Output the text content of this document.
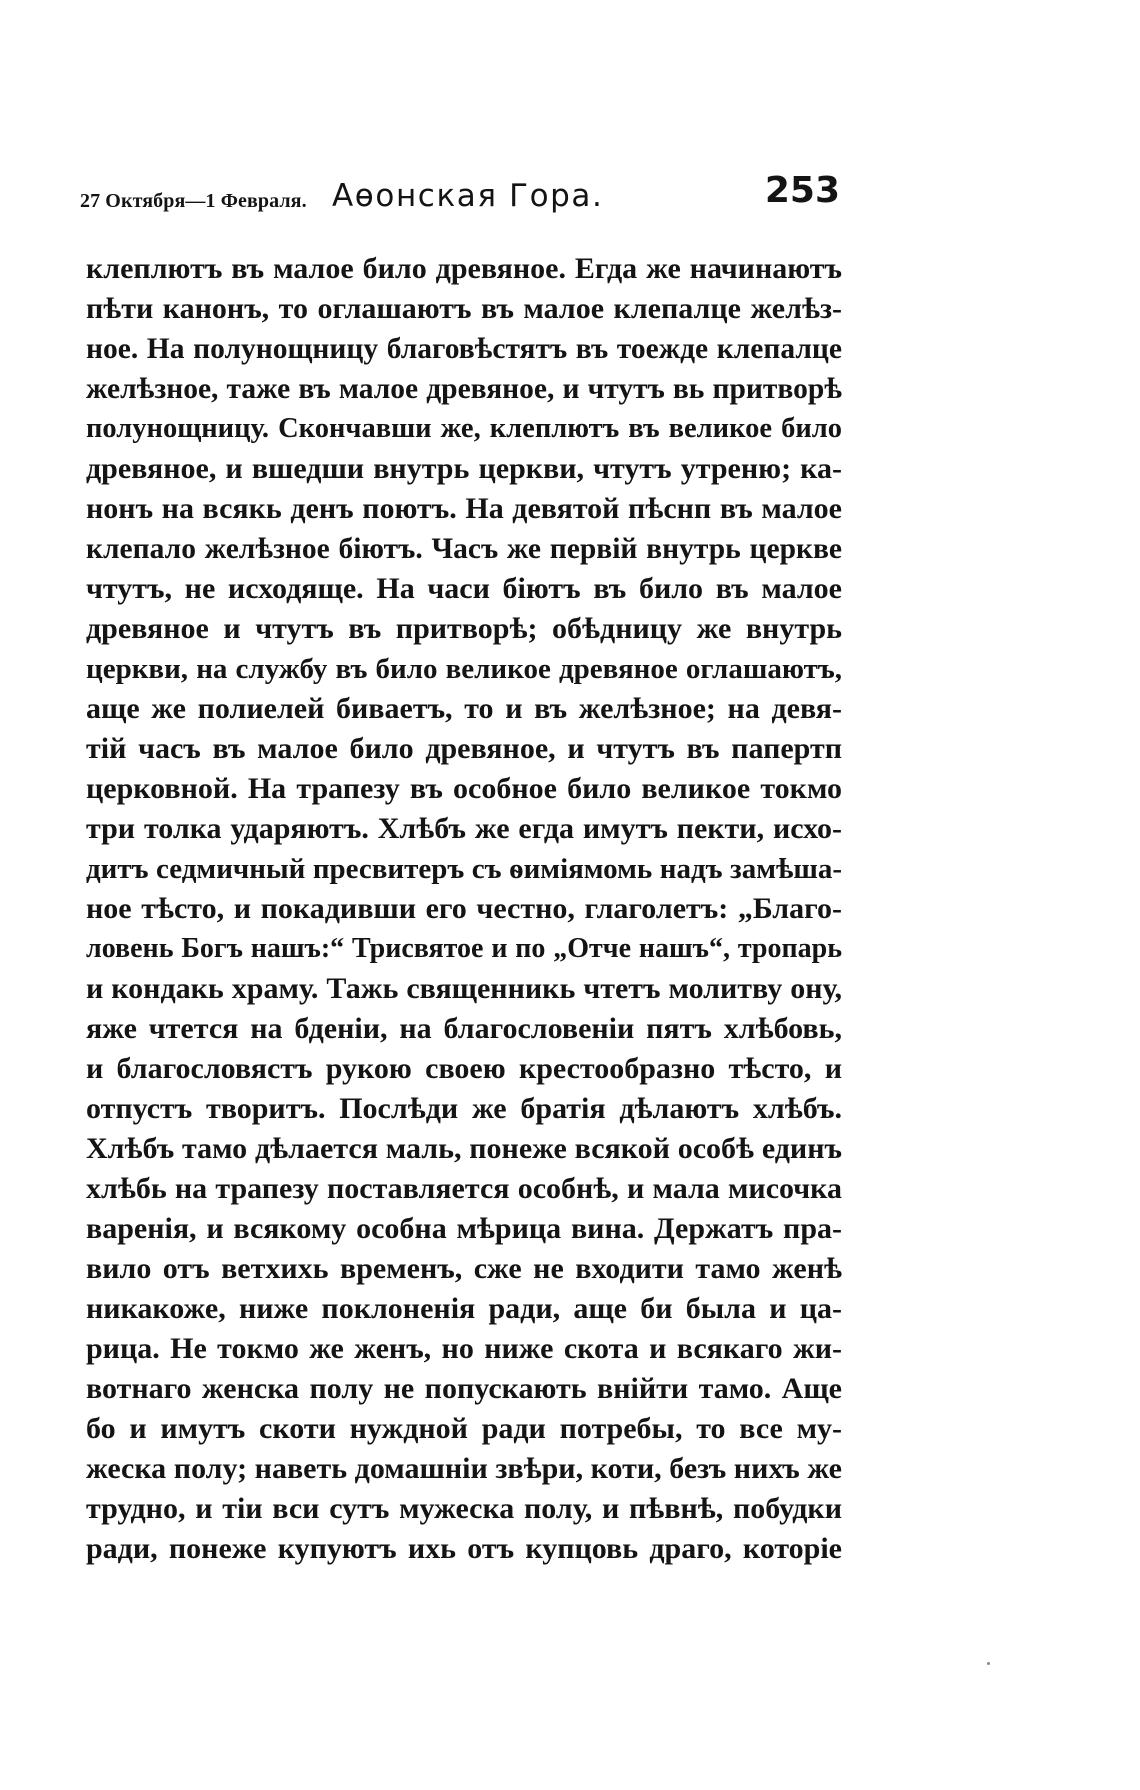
27 Октября—1 Февраля. Аѳонская Гора.	253
клеплютъ въ малое било древяное. Егда же начинаютъ
пѣти канонъ, то оглашаютъ въ малое клепалце желѣз-
ное. На полунощницу благовѣстятъ въ тоежде клепалце
желѣзное, таже въ малое древяное, и чтутъ вь притворѣ
полунощницу. Скончавши же, клеплютъ въ великое било
древяное, и вшедши внутрь церкви, чтутъ утреню; ка-
нонъ на всякь денъ поютъ. На девятой пѣснп въ малое
клепало желѣзное біютъ. Часъ же первій внутрь церкве
чтутъ, не исходяще. На часи біютъ въ било въ малое
древяное и чтутъ въ притворѣ; обѣдницу же внутрь
церкви, на службу въ било великое древяное оглашаютъ,
аще же полиелей биваетъ, то и въ желѣзное; на девя-
тій часъ въ малое било древяное, и чтутъ въ папертп
церковной. На трапезу въ особное било великое токмо
три толка ударяютъ. Хлѣбъ же егда имутъ пекти, исхо-
дитъ седмичный пресвитеръ съ ѳиміямомь надъ замѣша-
ное тѣсто, и покадивши его честно, глаголетъ: „Благо-
ловень Богъ нашъ:“ Трисвятое и по „Отче нашъ“, тропарь
и кондакь храму. Тажь священникь чтетъ молитву ону,
яже чтется на бденіи, на благословеніи пятъ хлѣбовь,
и благословястъ рукою своею крестообразно тѣсто, и
отпустъ творитъ. Послѣди же братія дѣлаютъ хлѣбъ.
Хлѣбъ тамо дѣлается маль, понеже всякой особѣ единъ
хлѣбь на трапезу поставляется особнѣ, и мала мисочка
варенія, и всякому особна мѣрица вина. Держатъ пра-
вило отъ ветхихь временъ, сже не входити тамо женѣ
никакоже, ниже поклоненія ради, аще би была и ца-
рица. Не токмо же женъ, но ниже скота и всякаго жи-
вотнаго женска полу не попускають внійти тамо. Аще
бо и имутъ скоти нуждной ради потребы, то все му-
жеска полу; наветь домашніи звѣри, коти, безъ нихъ же
трудно, и тіи вси сутъ мужеска полу, и пѣвнѣ, побудки
ради, понеже купуютъ ихь отъ купцовь драго, которіе
